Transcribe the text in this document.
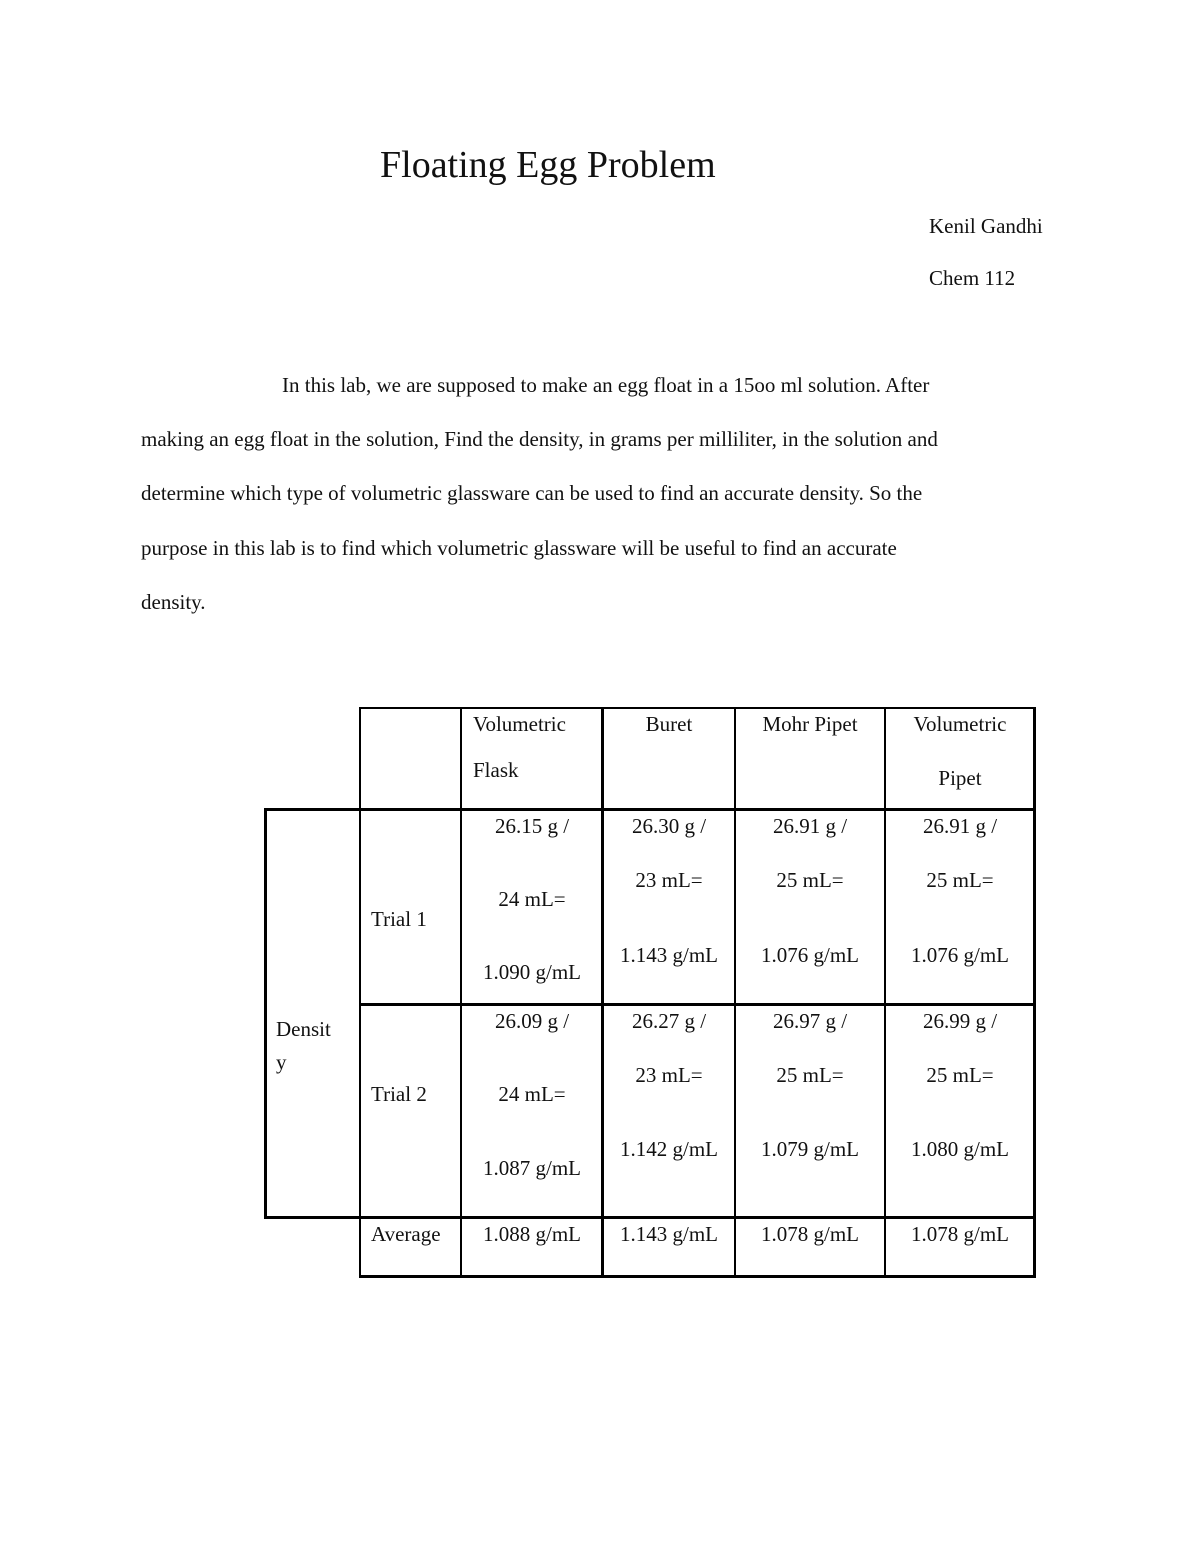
Floating Egg Problem
Kenil Gandhi
Chem 112
In this lab, we are supposed to make an egg float in a 15oo ml solution. After
making an egg float in the solution, Find the density, in grams per milliliter, in the solution and
determine which type of volumetric glassware can be used to find an accurate density. So the
purpose in this lab is to find which volumetric glassware will be useful to find an accurate
density.
Volumetric
Flask
Buret	Mohr Pipet	Volumetric
Pipet
Densit
y
Trial 1
26.15 g /
24 mL=
1.090 g/mL
26.30 g /
23 mL=
1.143 g/mL
26.91 g /
25 mL=
1.076 g/mL
26.91 g /
25 mL=
1.076 g/mL
Trial 2
26.09 g /
24 mL=
1.087 g/mL
26.27 g /
23 mL=
1.142 g/mL
26.97 g /
25 mL=
1.079 g/mL
26.99 g /
25 mL=
1.080 g/mL
Average 1.088 g/mL 1.143 g/mL 1.078 g/mL 1.078 g/mL
